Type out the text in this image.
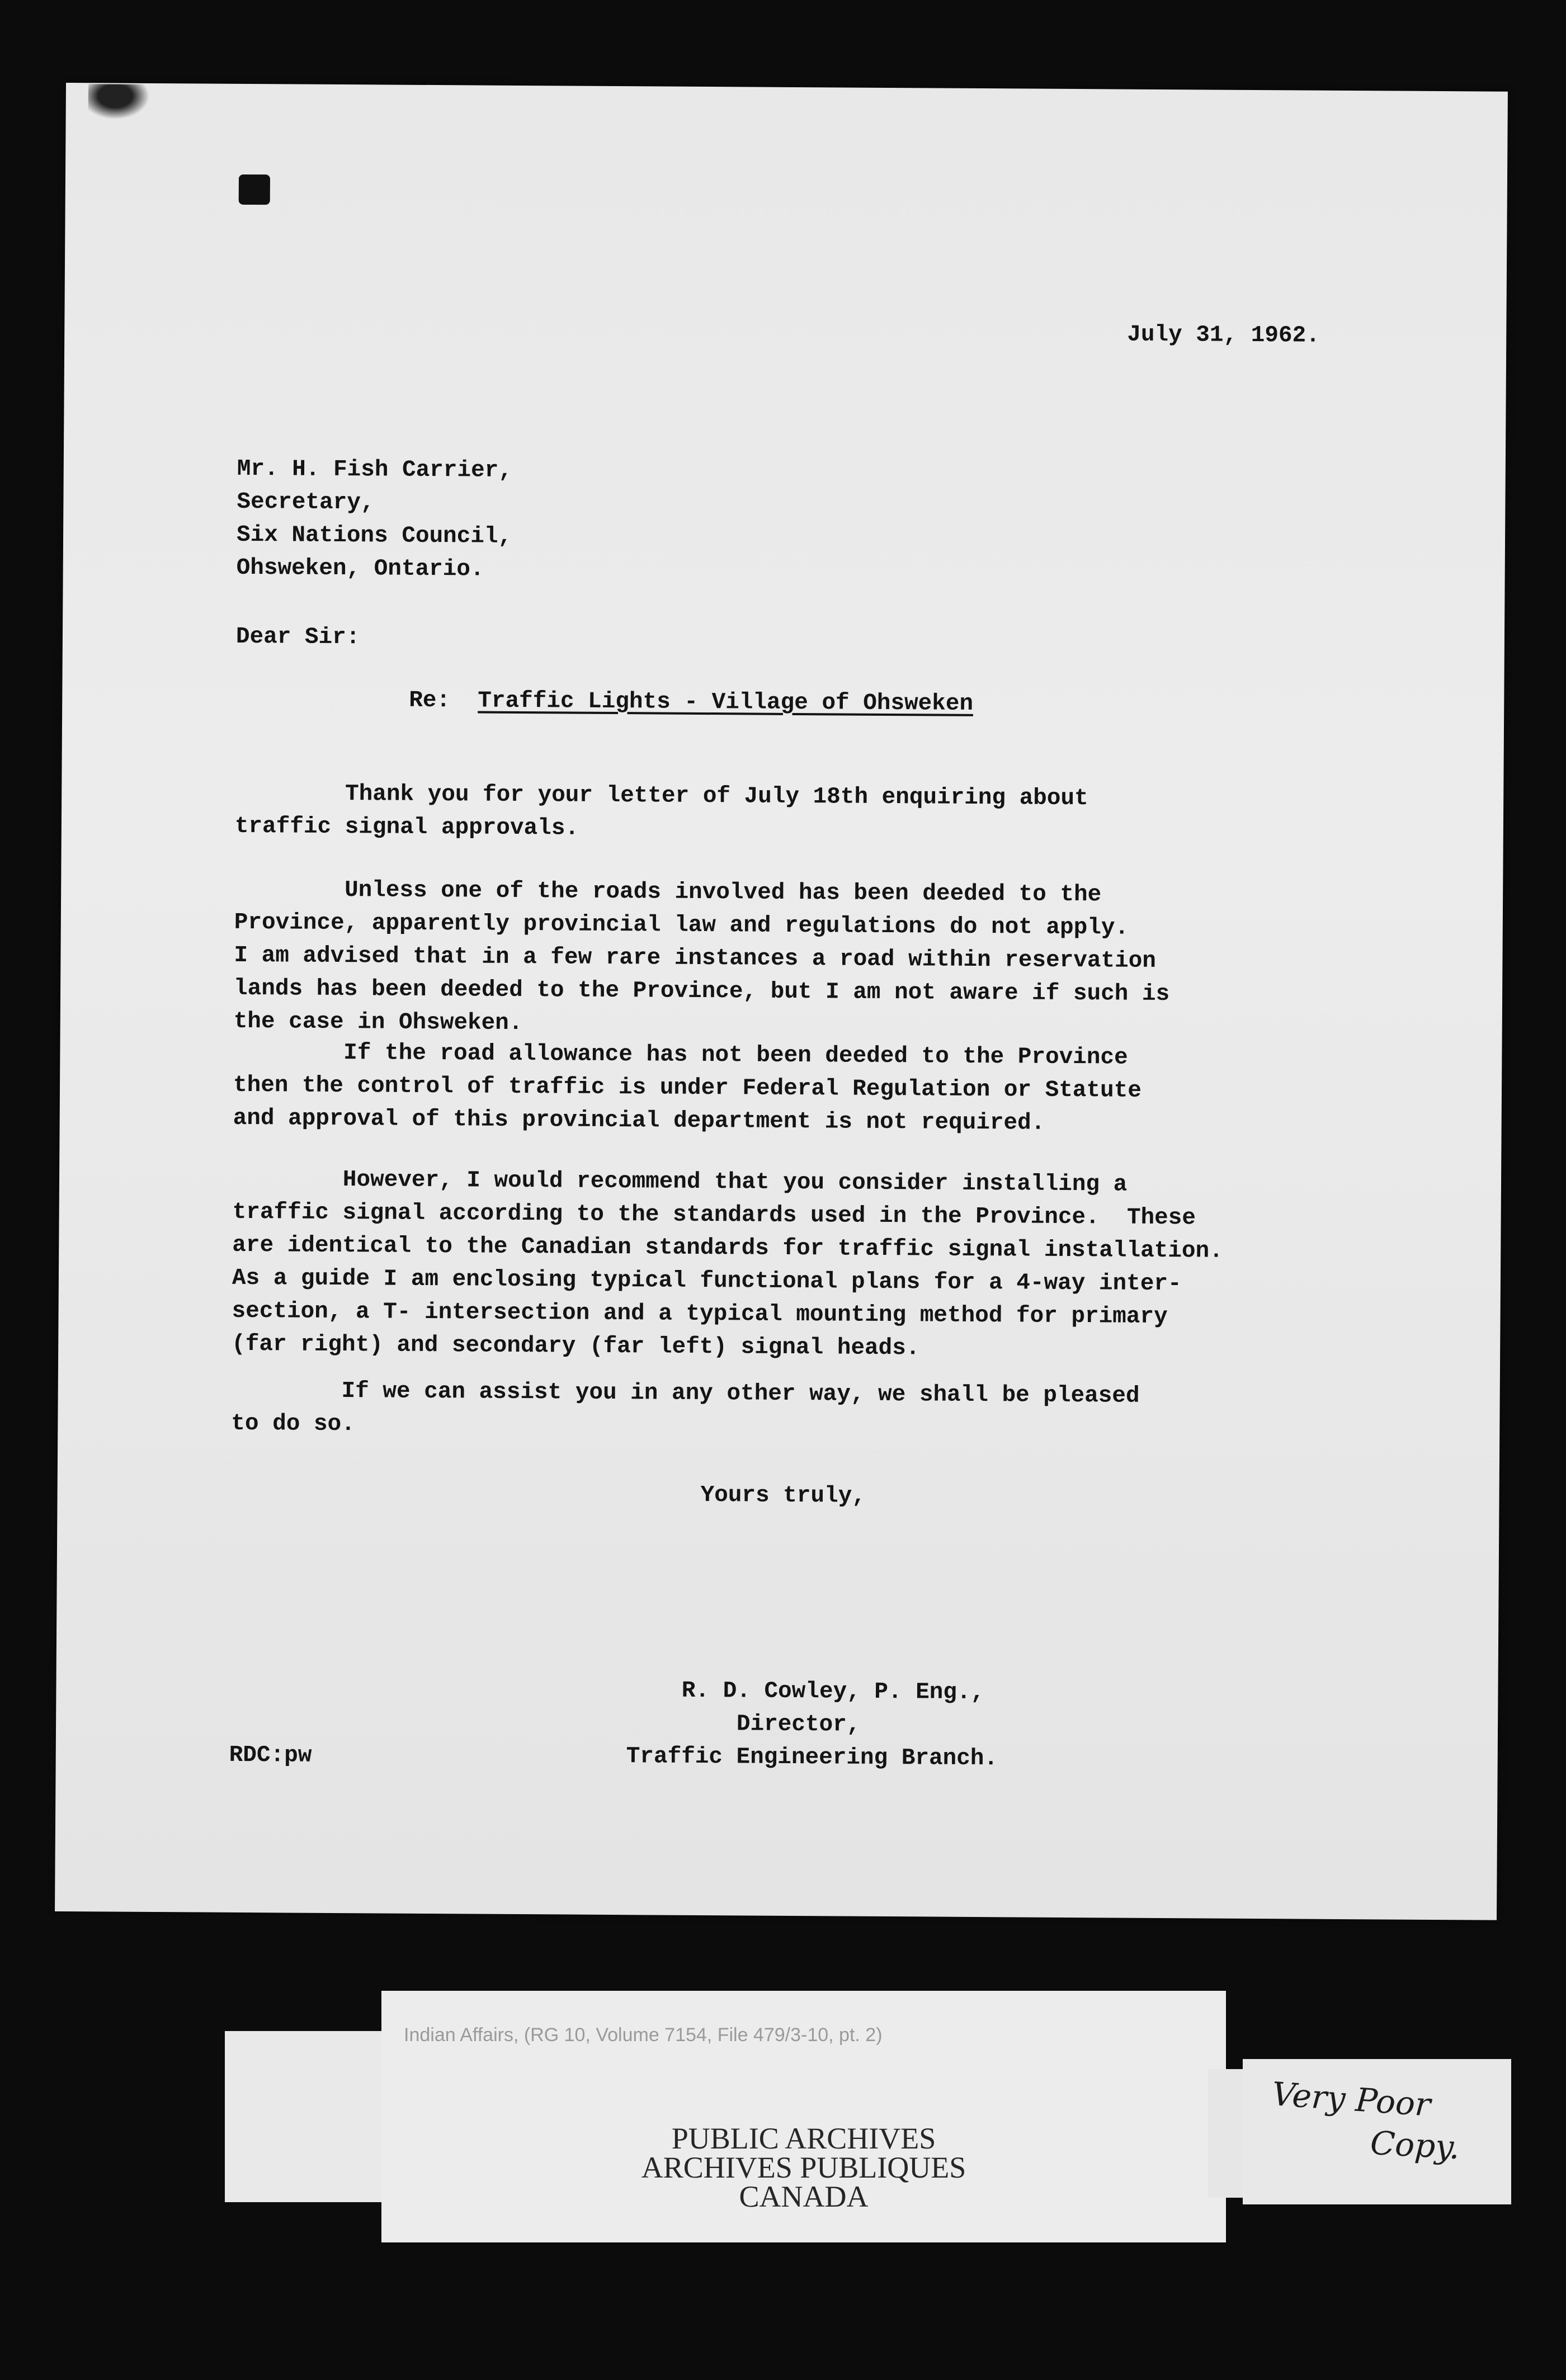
July 31, 1962.
Mr. H. Fish Carrier,
Secretary,
Six Nations Council,
Ohsweken, Ontario.
Dear Sir:
Re: Traffic Lights - Village of Ohsweken
Thank you for your letter of July 18th enquiring about
traffic signal approvals.
Unless one of the roads involved has been deeded to the
Province, apparently provincial law and regulations do not apply.
I am advised that in a few rare instances a road within reservation
lands has been deeded to the Province, but I am not aware if such is
the case in Ohsweken.
If the road allowance has not been deeded to the Province
then the control of traffic is under Federal Regulation or Statute
and approval of this provincial department is not required.
However, I would recommend that you consider installing a
traffic signal according to the standards used in the Province.  These
are identical to the Canadian standards for traffic signal installation.
As a guide I am enclosing typical functional plans for a 4-way inter-
section, a T- intersection and a typical mounting method for primary
(far right) and secondary (far left) signal heads.
If we can assist you in any other way, we shall be pleased
to do so.
Yours truly,
R. D. Cowley, P. Eng.,
Director,
Traffic Engineering Branch.
RDC:pw
Indian Affairs, (RG 10, Volume 7154, File 479/3-10, pt. 2)
PUBLIC ARCHIVES
ARCHIVES PUBLIQUES
CANADA
Very Poor
Copy.
